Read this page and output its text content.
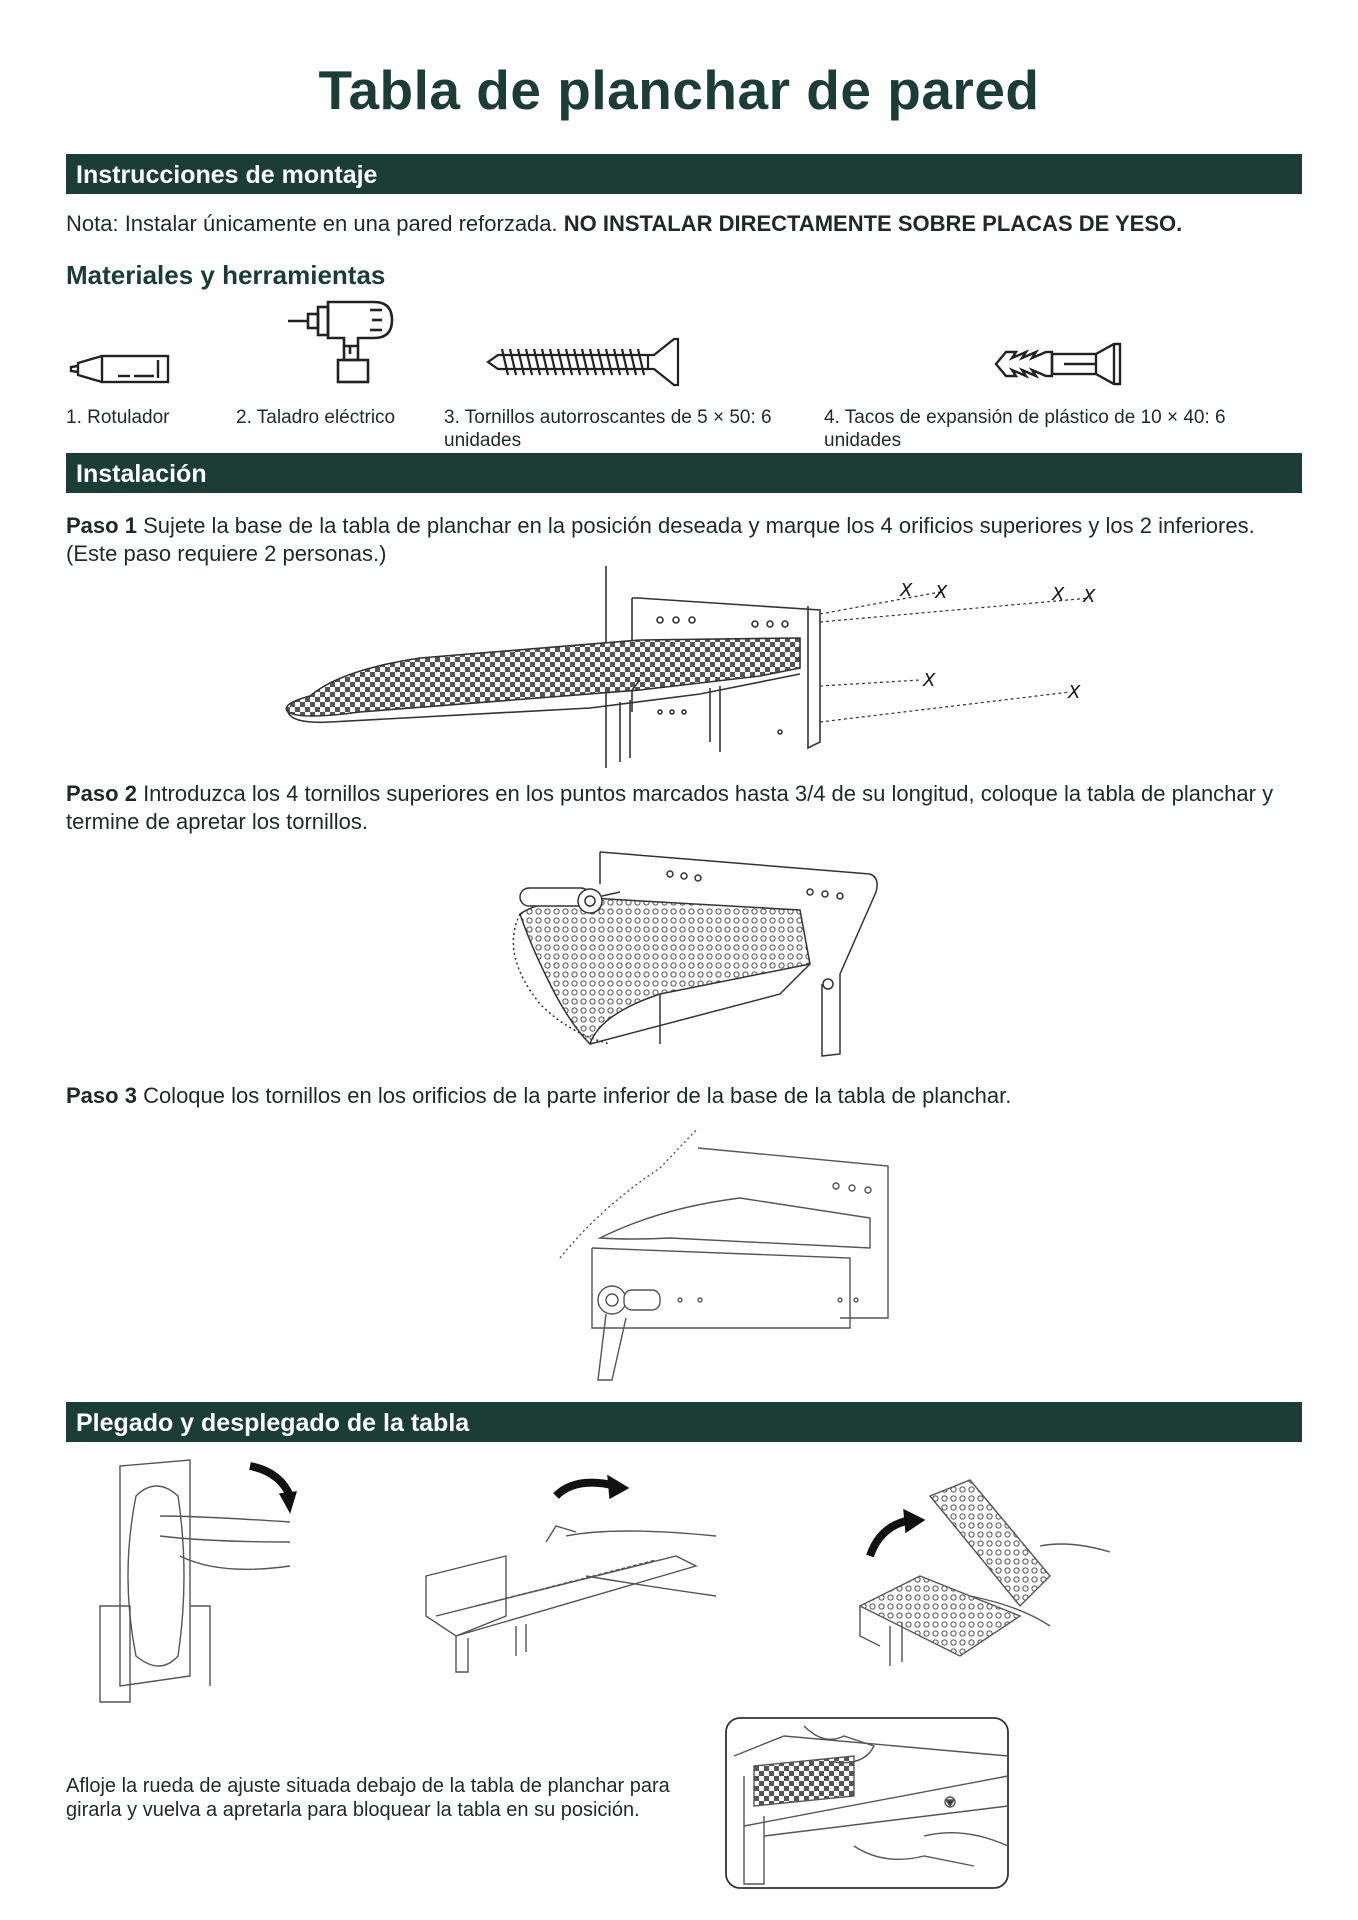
Tabla de planchar de pared
Instrucciones de montaje
Nota: Instalar únicamente en una pared reforzada. NO INSTALAR DIRECTAMENTE SOBRE PLACAS DE YESO.
Materiales y herramientas
1. Rotulador	2. Taladro eléctrico	3. Tornillos autorroscantes de 5 × 50: 6 unidades
4. Tacos de expansión de plástico de 10 × 40: 6 unidades
Instalación
Paso 1 Sujete la base de la tabla de planchar en la posición deseada y marque los 4 orificios superiores y los 2 inferiores. (Este paso requiere 2 personas.)
X X	X X
X
X
Paso 2 Introduzca los 4 tornillos superiores en los puntos marcados hasta 3/4 de su longitud, coloque la tabla de planchar y termine de apretar los tornillos.
Paso 3 Coloque los tornillos en los orificios de la parte inferior de la base de la tabla de planchar.
Plegado y desplegado de la tabla
Afloje la rueda de ajuste situada debajo de la tabla de planchar para girarla y vuelva a apretarla para bloquear la tabla en su posición.
